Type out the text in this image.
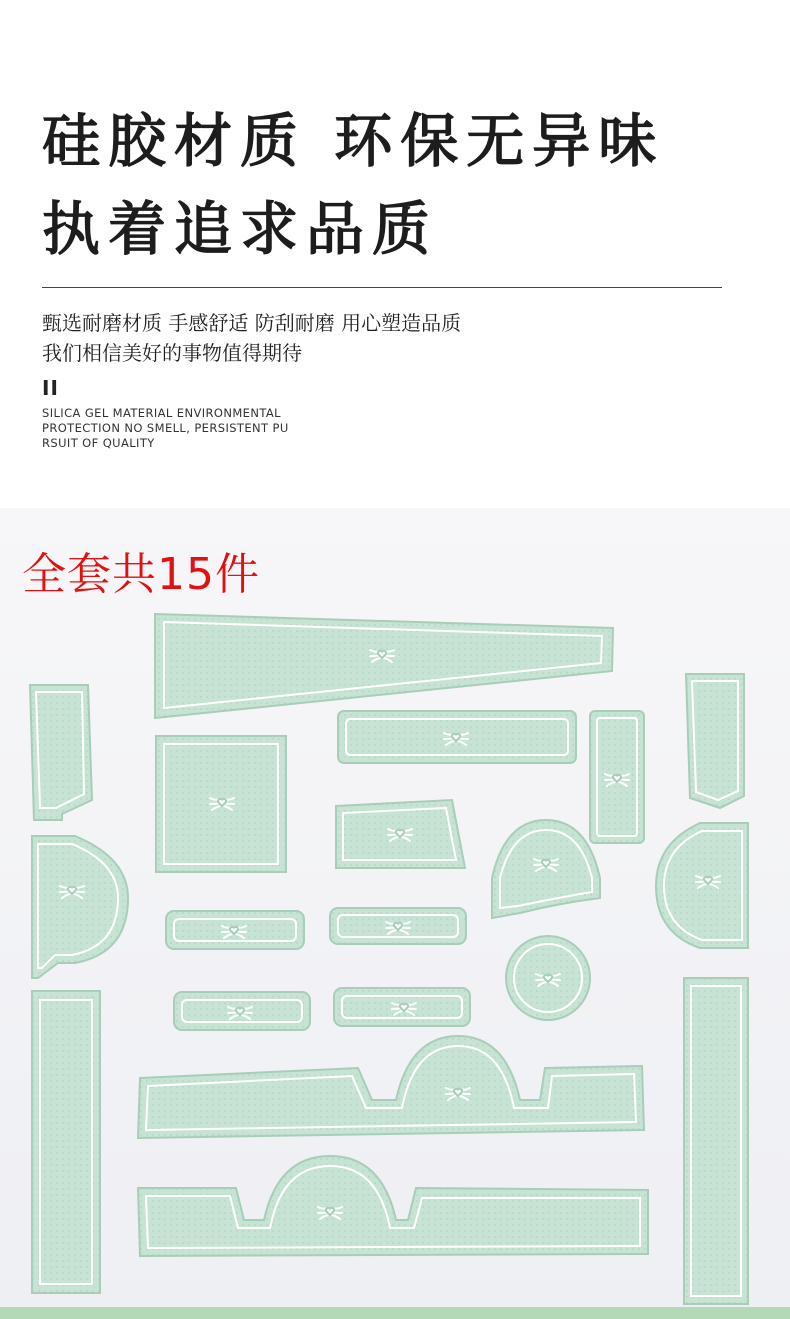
硅胶材质 环保无异味
执着追求品质
甄选耐磨材质 手感舒适 防刮耐磨 用心塑造品质
我们相信美好的事物值得期待
II
SILICA GEL MATERIAL ENVIRONMENTAL
PROTECTION NO SMELL, PERSISTENT PU
RSUIT OF QUALITY
全套共15件
